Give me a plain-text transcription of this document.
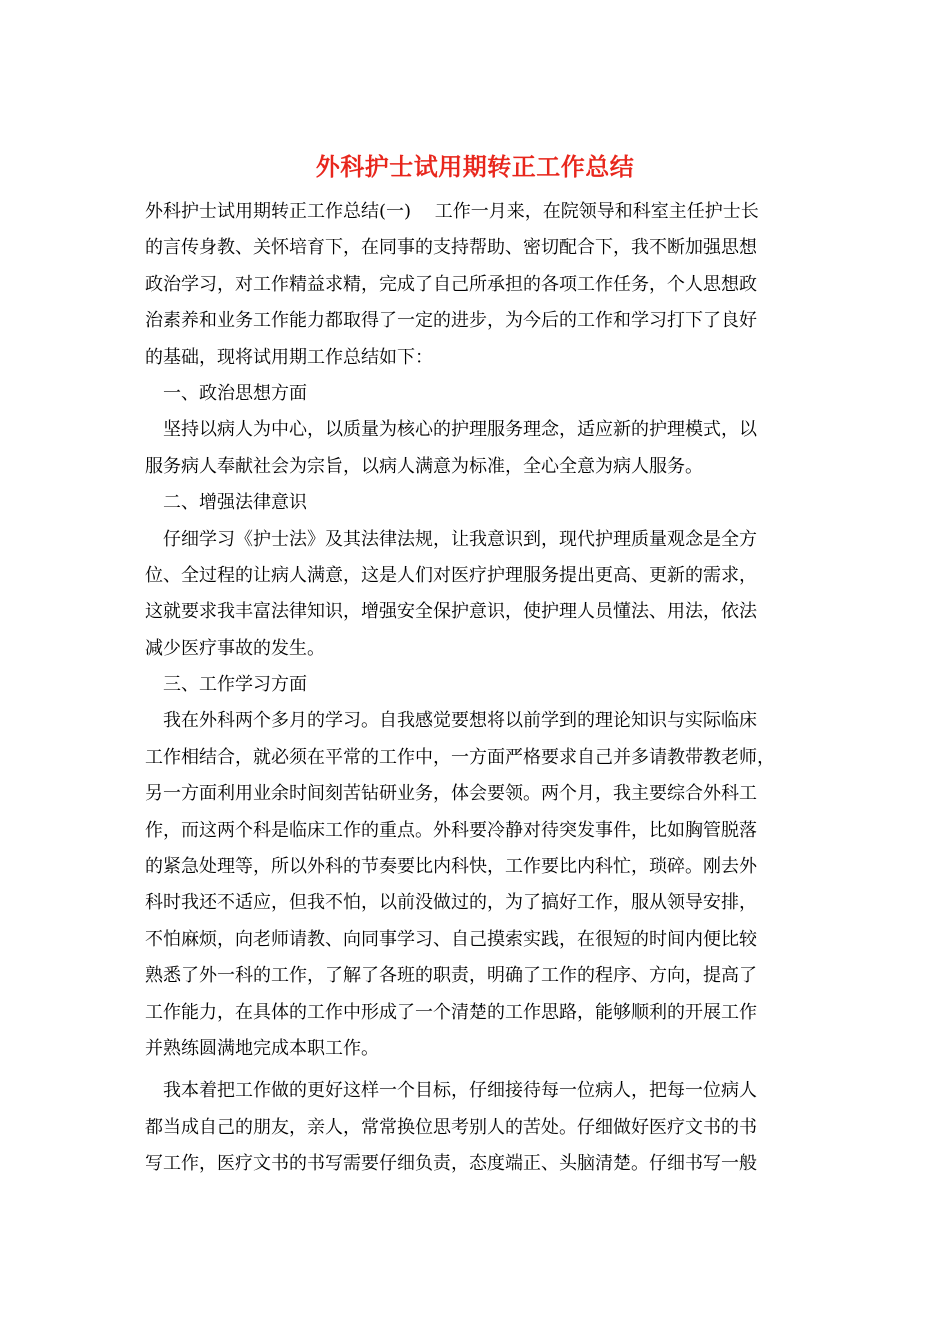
外科护士试用期转正工作总结
外科护士试用期转正工作总结(一)　 工作一月来，在院领导和科室主任护士长
的言传身教、关怀培育下，在同事的支持帮助、密切配合下，我不断加强思想
政治学习，对工作精益求精，完成了自己所承担的各项工作任务，个人思想政
治素养和业务工作能力都取得了一定的进步，为今后的工作和学习打下了良好
的基础，现将试用期工作总结如下：
　一、政治思想方面
　坚持以病人为中心，以质量为核心的护理服务理念，适应新的护理模式，以
服务病人奉献社会为宗旨，以病人满意为标准，全心全意为病人服务。
　二、增强法律意识
　仔细学习《护士法》及其法律法规，让我意识到，现代护理质量观念是全方
位、全过程的让病人满意，这是人们对医疗护理服务提出更高、更新的需求，
这就要求我丰富法律知识，增强安全保护意识，使护理人员懂法、用法，依法
减少医疗事故的发生。
　三、工作学习方面
　我在外科两个多月的学习。自我感觉要想将以前学到的理论知识与实际临床
工作相结合，就必须在平常的工作中，一方面严格要求自己并多请教带教老师，
另一方面利用业余时间刻苦钻研业务，体会要领。两个月，我主要综合外科工
作，而这两个科是临床工作的重点。外科要冷静对待突发事件，比如胸管脱落
的紧急处理等，所以外科的节奏要比内科快，工作要比内科忙，琐碎。刚去外
科时我还不适应，但我不怕，以前没做过的，为了搞好工作，服从领导安排，
不怕麻烦，向老师请教、向同事学习、自己摸索实践，在很短的时间内便比较
熟悉了外一科的工作，了解了各班的职责，明确了工作的程序、方向，提高了
工作能力，在具体的工作中形成了一个清楚的工作思路，能够顺利的开展工作
并熟练圆满地完成本职工作。
　我本着把工作做的更好这样一个目标，仔细接待每一位病人，把每一位病人
都当成自己的朋友，亲人，常常换位思考别人的苦处。仔细做好医疗文书的书
写工作，医疗文书的书写需要仔细负责，态度端正、头脑清楚。仔细书写一般
